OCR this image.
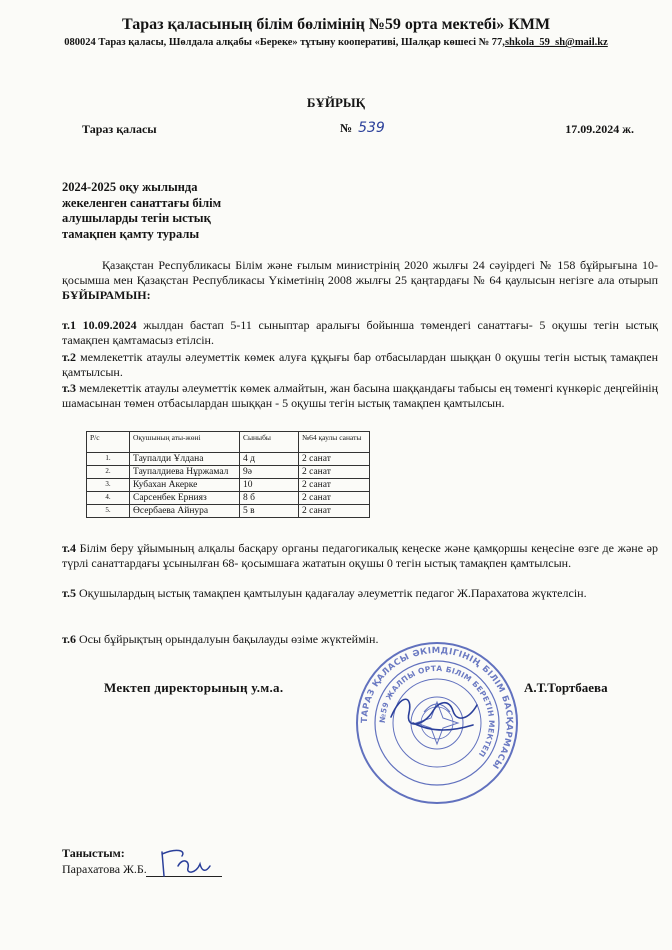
Тараз қаласының білім бөлімінің №59 орта мектебі» КММ
080024 Тараз қаласы, Шөлдала алқабы «Береке» тұтыну кооперативі, Шалқар көшесі № 77,shkola_59_sh@mail.kz
БҰЙРЫҚ
Тараз қаласы	№ 539	17.09.2024 ж.
2024-2025 оқу жылында жекеленген санаттағы білім алушыларды тегін ыстық тамақпен қамту туралы
Қазақстан Республикасы Білім және ғылым министрінің 2020 жылғы 24 сәуірдегі № 158 бұйрығына 10-қосымша мен Қазақстан Республикасы Үкіметінің 2008 жылғы 25 қаңтардағы № 64 қаулысын негізге ала отырып БҰЙЫРАМЫН:
т.1 10.09.2024 жылдан бастап 5-11 сыныптар аралығы бойынша төмендегі санаттағы- 5 оқушы тегін ыстық тамақпен қамтамасыз етілсін.
т.2 мемлекеттік атаулы әлеуметтік көмек алуға құқығы бар отбасылардан шыққан 0 оқушы тегін ыстық тамақпен қамтылсын.
т.3 мемлекеттік атаулы әлеуметтік көмек алмайтын, жан басына шаққандағы табысы ең төменгі күнкөріс деңгейінің шамасынан төмен отбасылардан шыққан - 5 оқушы тегін ыстық тамақпен қамтылсын.
Р/с	Оқушының аты-жөні	Сыныбы	№64 қаулы санаты
1.	Таупалди Ұлдана	4 д	2 санат
2.	Таупалдиева Нұржамал	9ә	2 санат
3.	Кубахан Акерке	10	2 санат
4.	Сарсенбек Ернияз	8 б	2 санат
5.	Өсербаева Айнура	5 в	2 санат
т.4 Білім беру ұйымының алқалы басқару органы педагогикалық кеңеске және қамқоршы кеңесіне өзге де және әр түрлі санаттардағы ұсынылған 68- қосымшаға жататын оқушы 0 тегін ыстық тамақпен қамтылсын.
т.5 Оқушылардың ыстық тамақпен қамтылуын қадағалау әлеуметтік педагог Ж.Парахатова жүктелсін.
т.6 Осы бұйрықтың орындалуын бақылауды өзіме жүктеймін.
ТАРАЗ ҚАЛАСЫ ӘКІМДІГІНІҢ БІЛІМ БАСҚАРМАСЫ
№59 ЖАЛПЫ ОРТА БІЛІМ БЕРЕТІН МЕКТЕП
Мектеп директорының у.м.а.	А.Т.Тортбаева
Таныстым:
Парахатова Ж.Б.
